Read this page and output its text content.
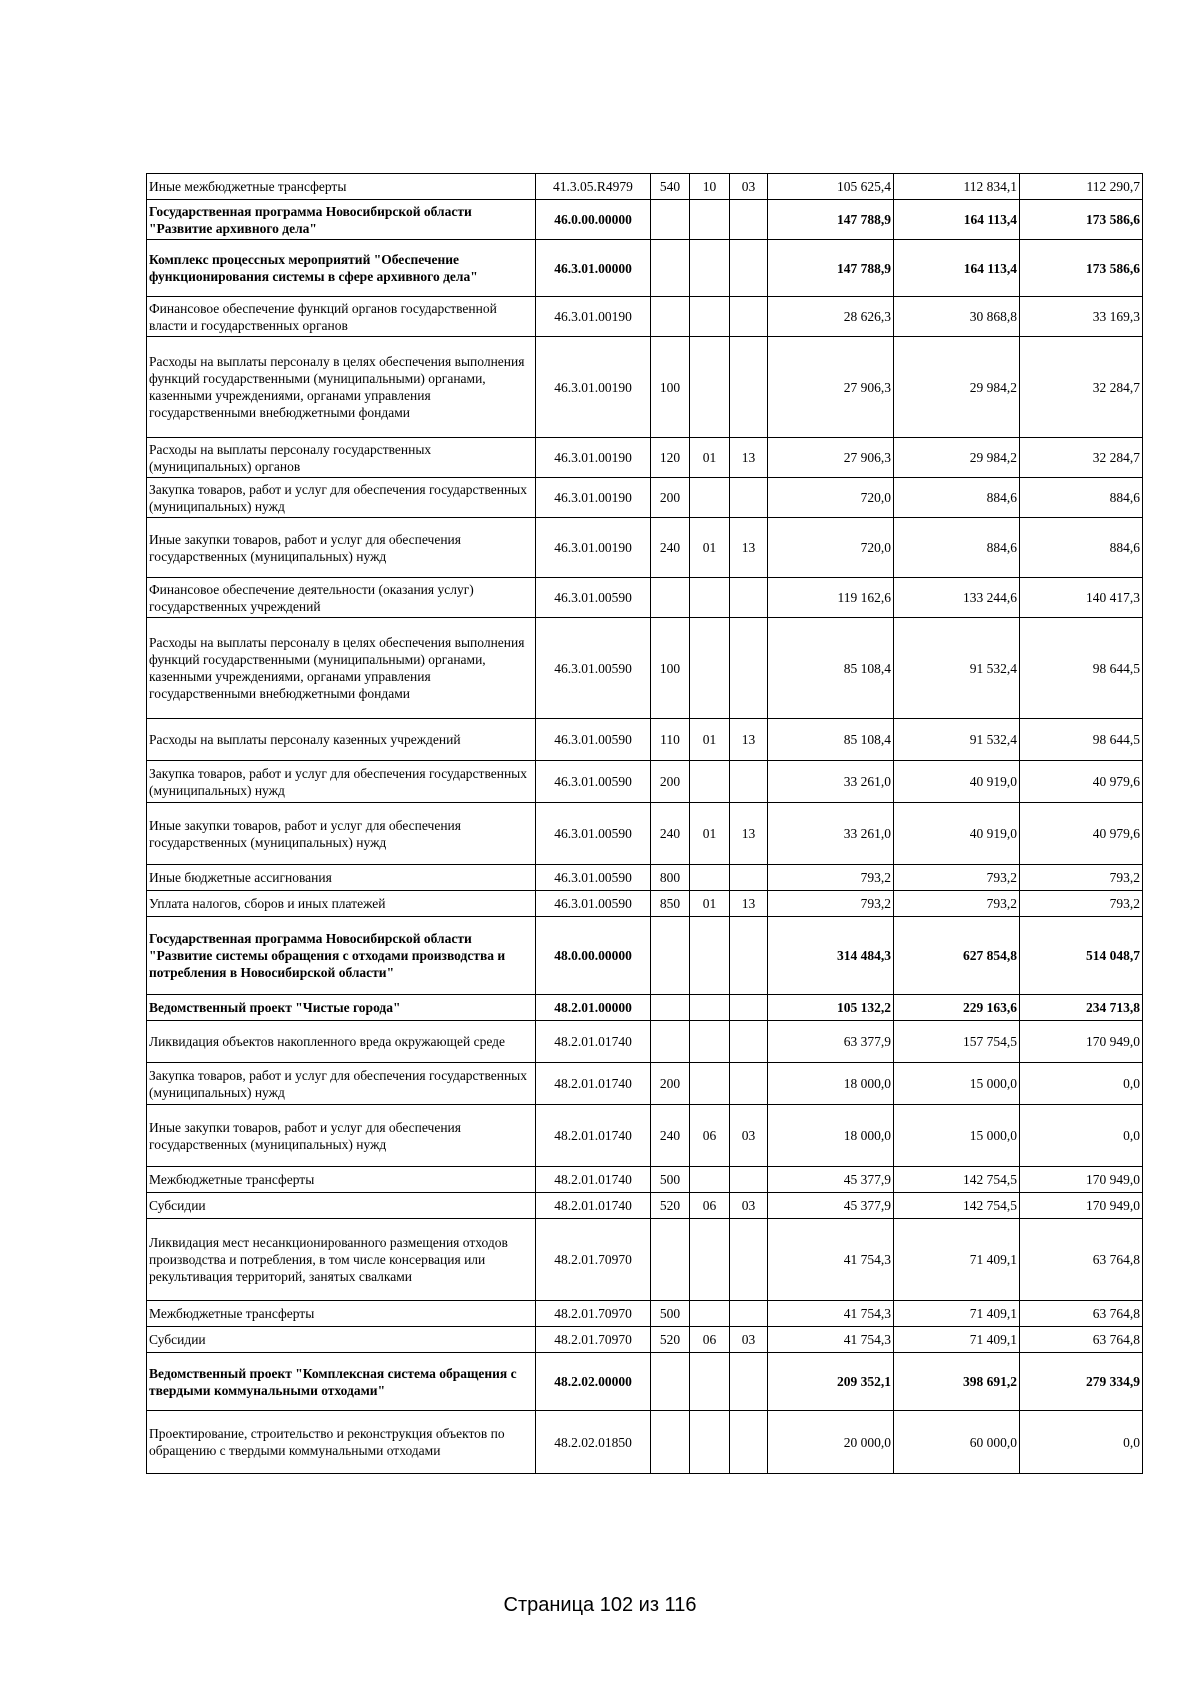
Иные межбюджетные трансферты	41.3.05.R4979	540	10	03	105 625,4	112 834,1	112 290,7
Государственная программа Новосибирской области "Развитие архивного дела"	46.0.00.00000				147 788,9	164 113,4	173 586,6
Комплекс процессных мероприятий "Обеспечение функционирования системы в сфере архивного дела"	46.3.01.00000				147 788,9	164 113,4	173 586,6
Финансовое обеспечение функций органов государственной власти и государственных органов	46.3.01.00190				28 626,3	30 868,8	33 169,3
Расходы на выплаты персоналу в целях обеспечения выполнения функций государственными (муниципальными) органами, казенными учреждениями, органами управления государственными внебюджетными фондами	46.3.01.00190	100			27 906,3	29 984,2	32 284,7
Расходы на выплаты персоналу государственных (муниципальных) органов	46.3.01.00190	120	01	13	27 906,3	29 984,2	32 284,7
Закупка товаров, работ и услуг для обеспечения государственных (муниципальных) нужд	46.3.01.00190	200			720,0	884,6	884,6
Иные закупки товаров, работ и услуг для обеспечения государственных (муниципальных) нужд	46.3.01.00190	240	01	13	720,0	884,6	884,6
Финансовое обеспечение деятельности (оказания услуг) государственных учреждений	46.3.01.00590				119 162,6	133 244,6	140 417,3
Расходы на выплаты персоналу в целях обеспечения выполнения функций государственными (муниципальными) органами, казенными учреждениями, органами управления государственными внебюджетными фондами	46.3.01.00590	100			85 108,4	91 532,4	98 644,5
Расходы на выплаты персоналу казенных учреждений	46.3.01.00590	110	01	13	85 108,4	91 532,4	98 644,5
Закупка товаров, работ и услуг для обеспечения государственных (муниципальных) нужд	46.3.01.00590	200			33 261,0	40 919,0	40 979,6
Иные закупки товаров, работ и услуг для обеспечения государственных (муниципальных) нужд	46.3.01.00590	240	01	13	33 261,0	40 919,0	40 979,6
Иные бюджетные ассигнования	46.3.01.00590	800			793,2	793,2	793,2
Уплата налогов, сборов и иных платежей	46.3.01.00590	850	01	13	793,2	793,2	793,2
Государственная программа Новосибирской области "Развитие системы обращения с отходами производства и потребления в Новосибирской области"	48.0.00.00000				314 484,3	627 854,8	514 048,7
Ведомственный проект "Чистые города"	48.2.01.00000				105 132,2	229 163,6	234 713,8
Ликвидация объектов накопленного вреда окружающей среде	48.2.01.01740				63 377,9	157 754,5	170 949,0
Закупка товаров, работ и услуг для обеспечения государственных (муниципальных) нужд	48.2.01.01740	200			18 000,0	15 000,0	0,0
Иные закупки товаров, работ и услуг для обеспечения государственных (муниципальных) нужд	48.2.01.01740	240	06	03	18 000,0	15 000,0	0,0
Межбюджетные трансферты	48.2.01.01740	500			45 377,9	142 754,5	170 949,0
Субсидии	48.2.01.01740	520	06	03	45 377,9	142 754,5	170 949,0
Ликвидация мест несанкционированного размещения отходов производства и потребления, в том числе консервация или рекультивация территорий, занятых свалками	48.2.01.70970				41 754,3	71 409,1	63 764,8
Межбюджетные трансферты	48.2.01.70970	500			41 754,3	71 409,1	63 764,8
Субсидии	48.2.01.70970	520	06	03	41 754,3	71 409,1	63 764,8
Ведомственный проект "Комплексная система обращения с твердыми коммунальными отходами"	48.2.02.00000				209 352,1	398 691,2	279 334,9
Проектирование, строительство и реконструкция объектов по обращению с твердыми коммунальными отходами	48.2.02.01850				20 000,0	60 000,0	0,0
Страница 102 из 116
